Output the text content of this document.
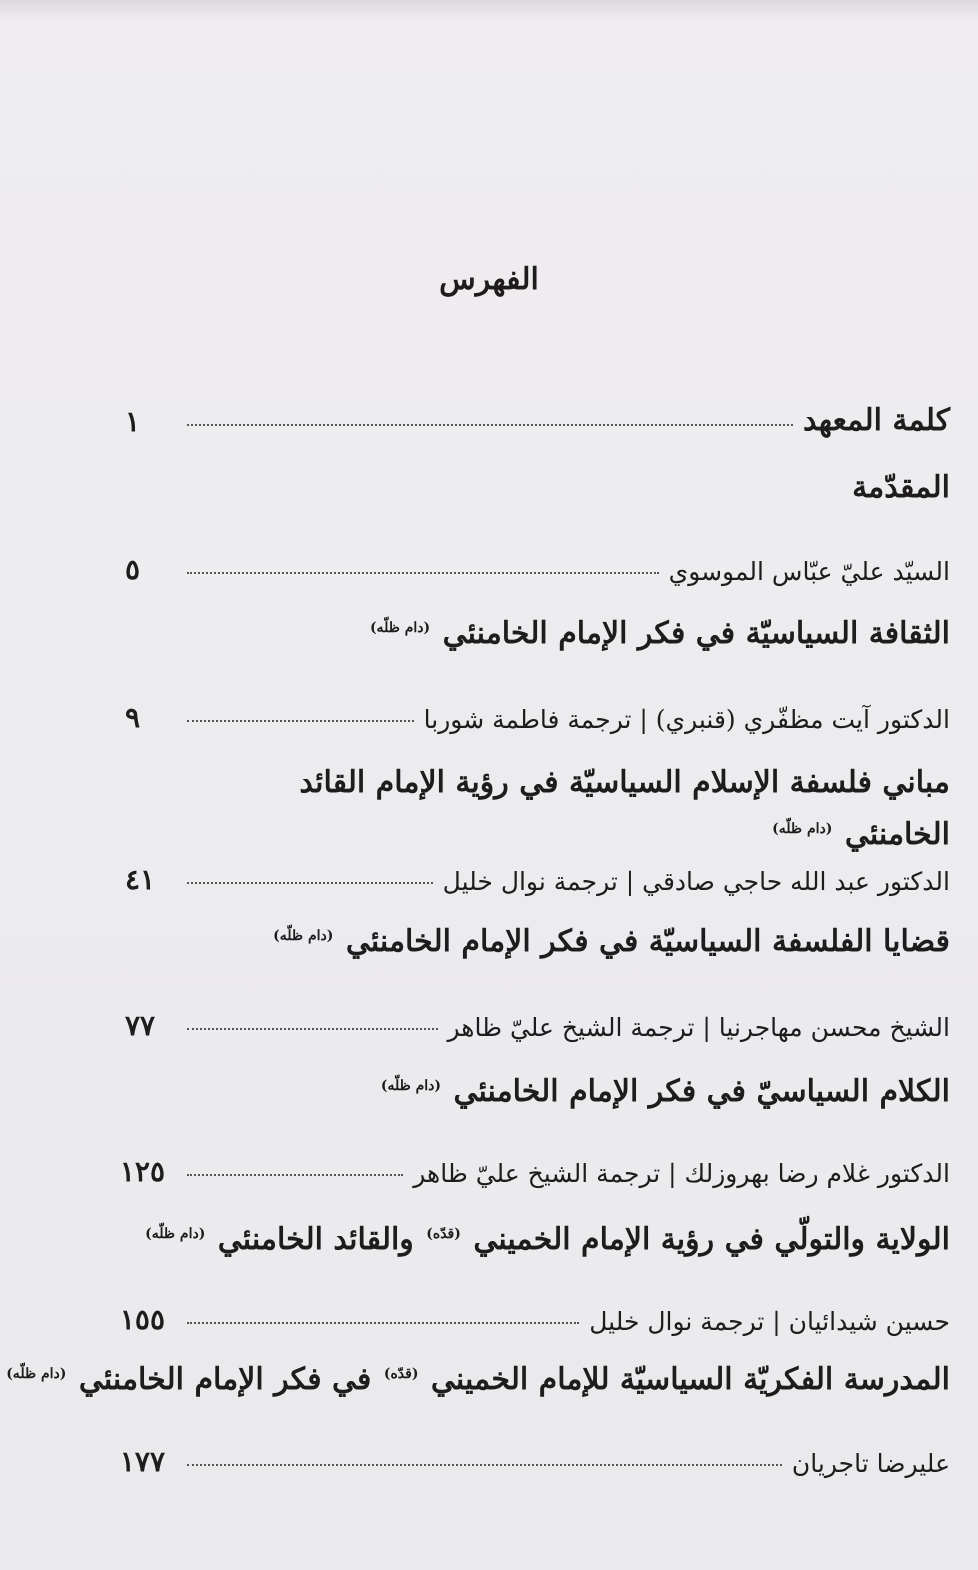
الفهرس
كلمة المعهد
١
المقدّمة
السيّد عليّ عبّاس الموسوي
٥
الثقافة السياسيّة في فكر الإمام الخامنئي $^{(دام ظلّه)}$
الدكتور آيت مظفّري (قنبري) | ترجمة فاطمة شوربا
٩
مباني فلسفة الإسلام السياسيّة في رؤية الإمام القائد
الخامنئي $^{(دام ظلّه)}$
الدكتور عبد الله حاجي صادقي | ترجمة نوال خليل
٤١
قضايا الفلسفة السياسيّة في فكر الإمام الخامنئي $^{(دام ظلّه)}$
الشيخ محسن مهاجرنيا | ترجمة الشيخ عليّ ظاهر
٧٧
الكلام السياسيّ في فكر الإمام الخامنئي $^{(دام ظلّه)}$
الدكتور غلام رضا بهروزلك | ترجمة الشيخ عليّ ظاهر
١٢٥
الولاية والتولّي في رؤية الإمام الخميني $^{(قدّه)}$ والقائد الخامنئي $^{(دام ظلّه)}$
حسين شيدائيان | ترجمة نوال خليل
١٥٥
المدرسة الفكريّة السياسيّة للإمام الخميني $^{(قدّه)}$ في فكر الإمام الخامنئي $^{(دام ظلّه)}$
عليرضا تاجريان
١٧٧
